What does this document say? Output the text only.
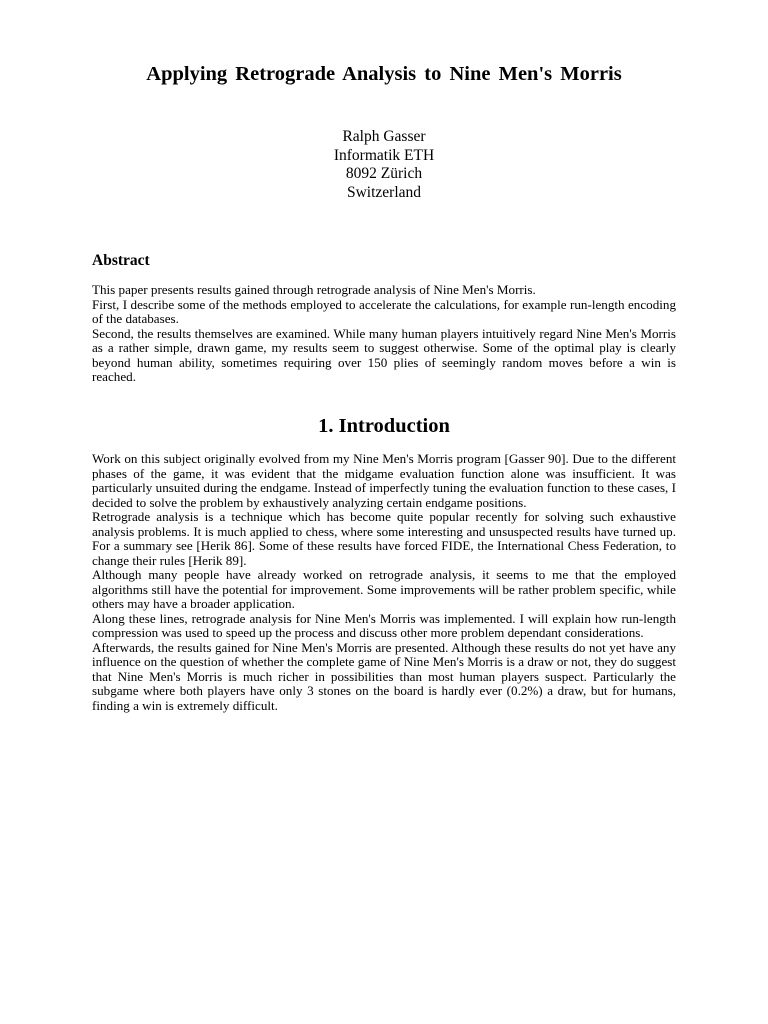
Applying Retrograde Analysis to Nine Men's Morris
Ralph Gasser
Informatik ETH
8092 Zürich
Switzerland
Abstract

This paper presents results gained through retrograde analysis of Nine Men's Morris.

First, I describe some of the methods employed to accelerate the calculations, for example run-length encoding of the databases.

Second, the results themselves are examined. While many human players intuitively regard Nine Men's Morris as a rather simple, drawn game, my results seem to suggest otherwise. Some of the optimal play is clearly beyond human ability, sometimes requiring over 150 plies of seemingly random moves before a win is reached.

1. Introduction

Work on this subject originally evolved from my Nine Men's Morris program [Gasser 90]. Due to the different phases of the game, it was evident that the midgame evaluation function alone was insufficient. It was particularly unsuited during the endgame. Instead of imperfectly tuning the evaluation function to these cases, I decided to solve the problem by exhaustively analyzing certain endgame positions.

Retrograde analysis is a technique which has become quite popular recently for solving such exhaustive analysis problems. It is much applied to chess, where some interesting and unsuspected results have turned up. For a summary see [Herik 86]. Some of these results have forced FIDE, the International Chess Federation, to change their rules [Herik 89].

Although many people have already worked on retrograde analysis, it seems to me that the employed algorithms still have the potential for improvement. Some improvements will be rather problem specific, while others may have a broader application.

Along these lines, retrograde analysis for Nine Men's Morris was implemented. I will explain how run-length compression was used to speed up the process and discuss other more problem dependant considerations.

Afterwards, the results gained for Nine Men's Morris are presented. Although these results do not yet have any influence on the question of whether the complete game of Nine Men's Morris is a draw or not, they do suggest that Nine Men's Morris is much richer in possibilities than most human players suspect. Particularly the subgame where both players have only 3 stones on the board is hardly ever (0.2%) a draw, but for humans, finding a win is extremely difficult.
